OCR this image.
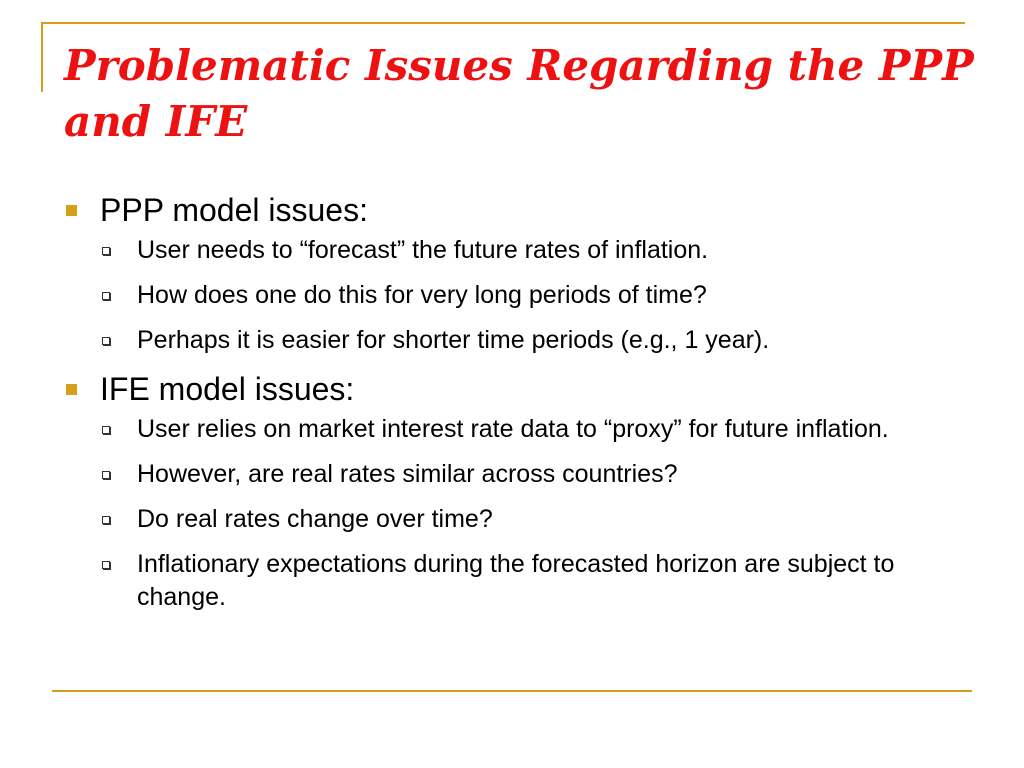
Problematic Issues Regarding the PPP and IFE
PPP model issues:
User needs to “forecast” the future rates of inflation.
How does one do this for very long periods of time?
Perhaps it is easier for shorter time periods (e.g., 1 year).
IFE model issues:
User relies on market interest rate data to “proxy” for future inflation.
However, are real rates similar across countries?
Do real rates change over time?
Inflationary expectations during the forecasted horizon are subject to change.
